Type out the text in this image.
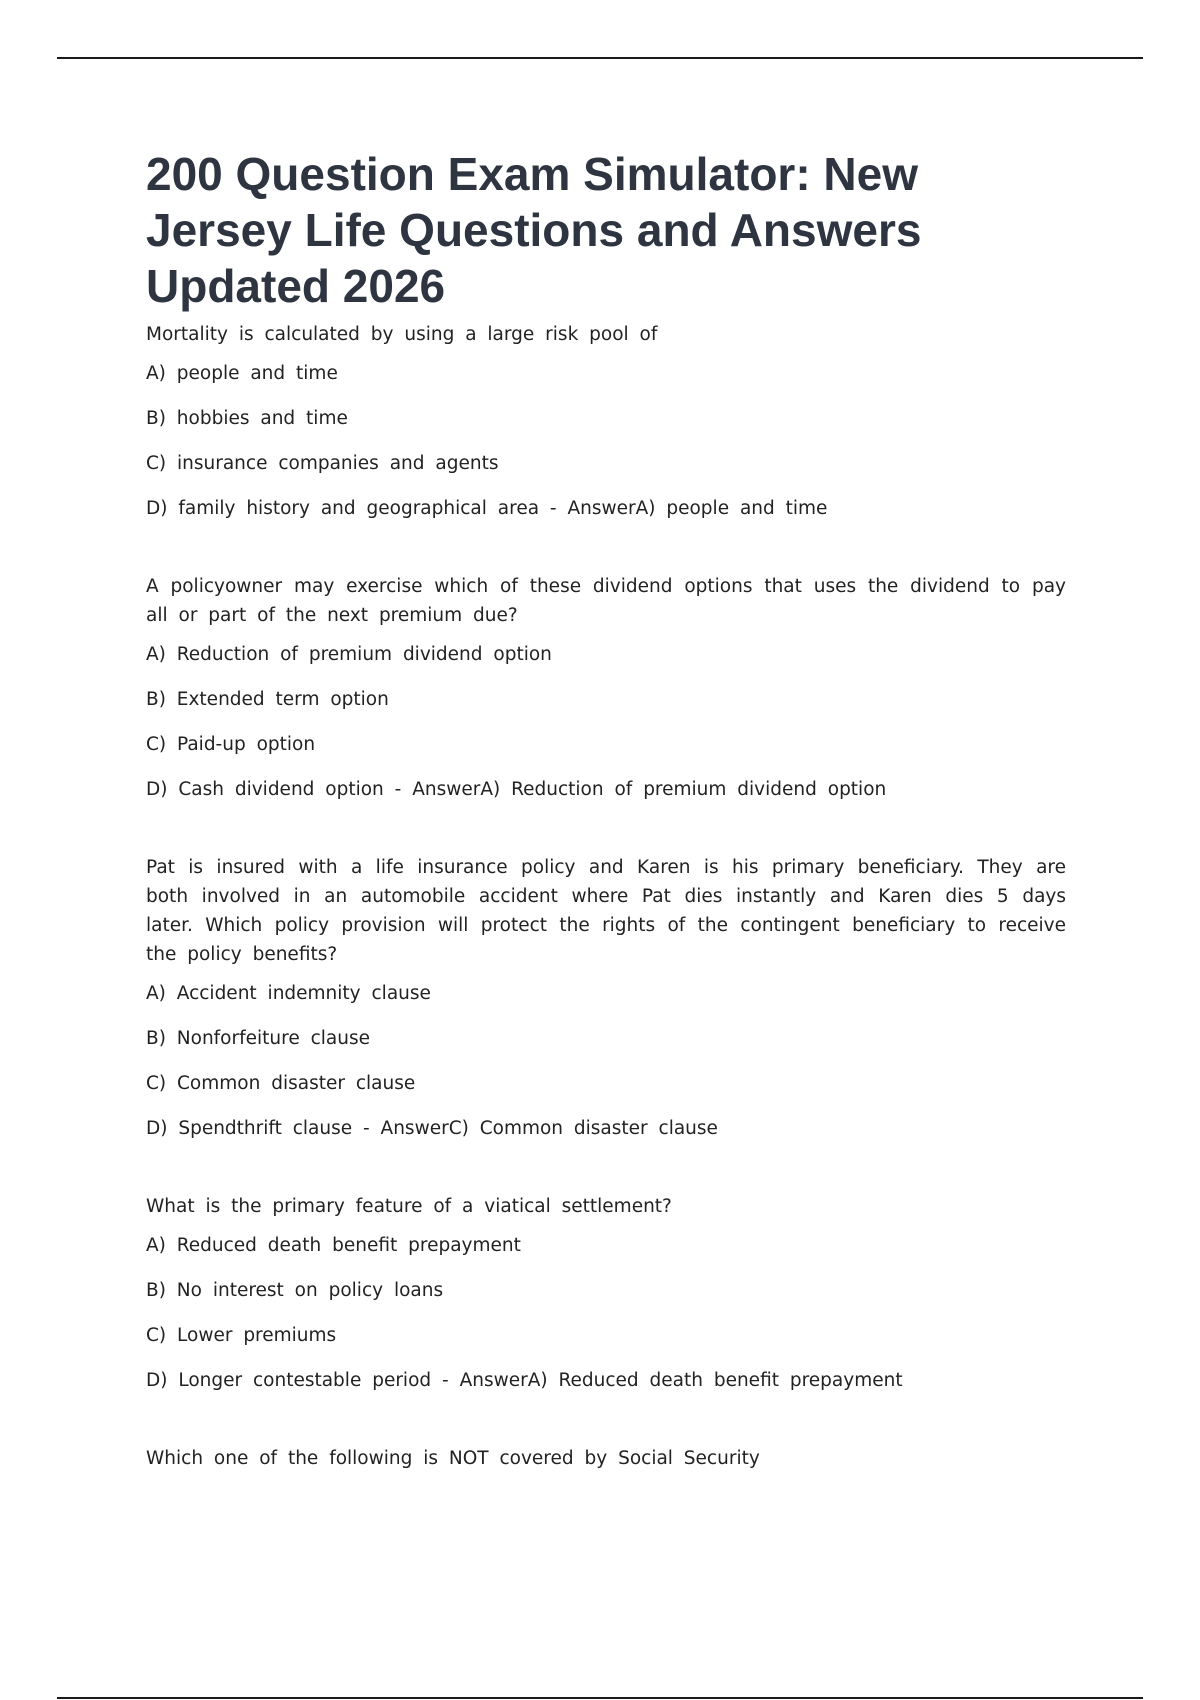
200 Question Exam Simulator: New Jersey Life Questions and Answers Updated 2026

Mortality is calculated by using a large risk pool of

A) people and time
B) hobbies and time
C) insurance companies and agents
D) family history and geographical area - AnswerA) people and time

A policyowner may exercise which of these dividend options that uses the dividend to pay all or part of the next premium due?

A) Reduction of premium dividend option
B) Extended term option
C) Paid-up option
D) Cash dividend option - AnswerA) Reduction of premium dividend option

Pat is insured with a life insurance policy and Karen is his primary beneficiary. They are both involved in an automobile accident where Pat dies instantly and Karen dies 5 days later. Which policy provision will protect the rights of the contingent beneficiary to receive the policy benefits?

A) Accident indemnity clause
B) Nonforfeiture clause
C) Common disaster clause
D) Spendthrift clause - AnswerC) Common disaster clause

What is the primary feature of a viatical settlement?

A) Reduced death benefit prepayment
B) No interest on policy loans
C) Lower premiums
D) Longer contestable period - AnswerA) Reduced death benefit prepayment

Which one of the following is NOT covered by Social Security
